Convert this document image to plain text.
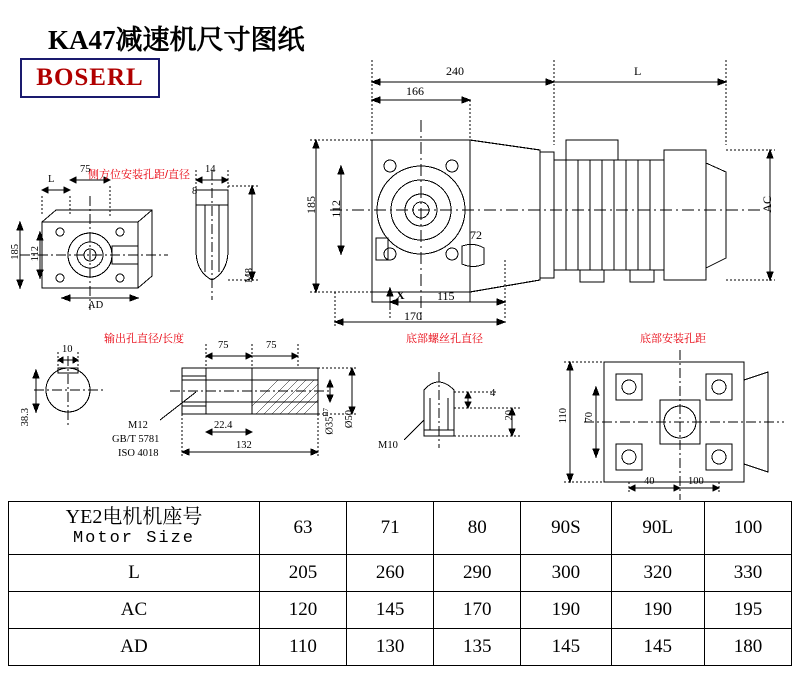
KA47减速机尺寸图纸
BOSERL
侧方位安装孔距/直径
输出孔直径/长度	底部螺丝孔直径	底部安装孔距
240	L
166
AC
185 112
72
115
170
X
L
75
8
185 112
AD
14
M8
10
38.3
75	75
M12
GB/T 5781
ISO 4018
22.4
132
$Ø35^{H7}$	Ø50
4
20
M10
110 70
40	100
YE2电机机座号
Motor Size	63	71	80	90S	90L	100
L	205	260	290	300	320	330
AC	120	145	170	190	190	195
AD	110	130	135	145	145	180
